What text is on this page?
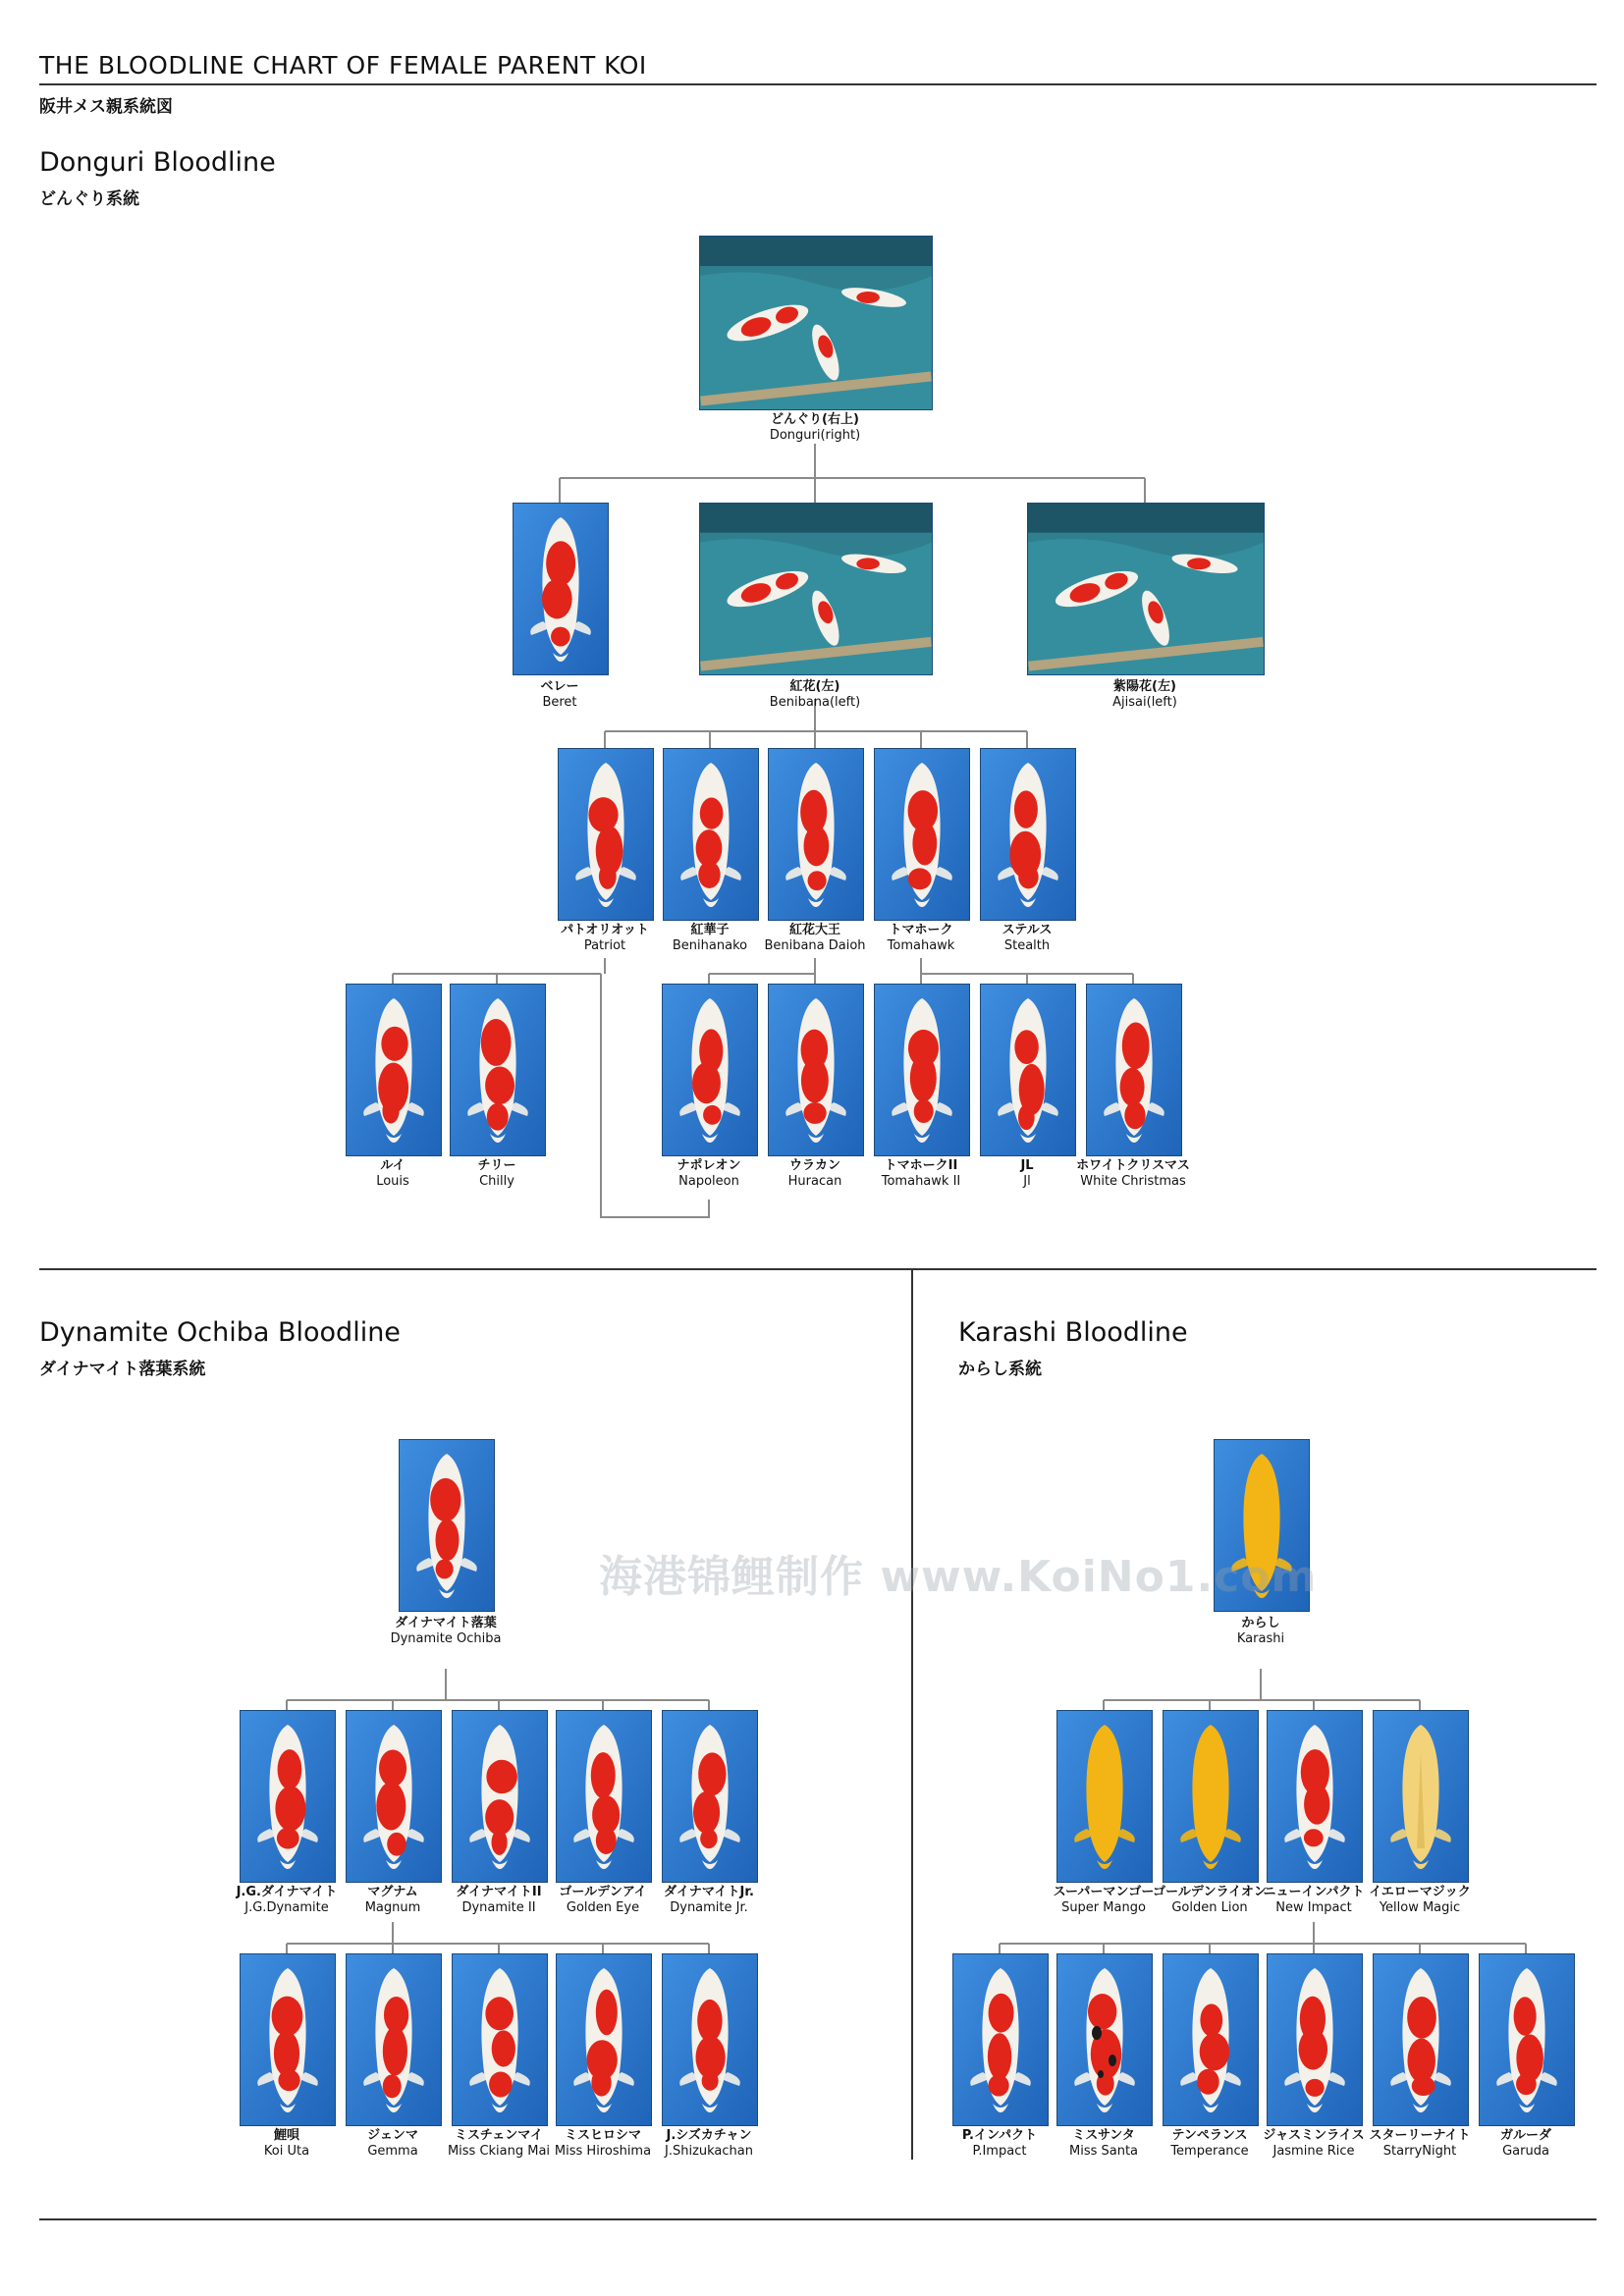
THE BLOODLINE CHART OF FEMALE PARENT KOI
阪井メス親系統図
Donguri Bloodline
どんぐり系統
Dynamite Ochiba Bloodline
ダイナマイト落葉系統
Karashi Bloodline
からし系統
どんぐり(右上)
Donguri(right)
ベレー
Beret
紅花(左)
Benibana(left)
紫陽花(左)
Ajisai(left)
パトオリオット
Patriot
紅華子
Benihanako
紅花大王
Benibana Daioh
トマホーク
Tomahawk
ステルス
Stealth
ルイ
Louis
チリー
Chilly
ナポレオン
Napoleon
ウラカン
Huracan
トマホークII
Tomahawk II
JL
Jl
ホワイトクリスマス
White Christmas
ダイナマイト落葉
Dynamite Ochiba
J.G.ダイナマイト
J.G.Dynamite
マグナム
Magnum
ダイナマイトII
Dynamite II
ゴールデンアイ
Golden Eye
ダイナマイトJr.
Dynamite Jr.
鯉唄
Koi Uta
ジェンマ
Gemma
ミスチェンマイ
Miss Ckiang Mai
ミスヒロシマ
Miss Hiroshima
J.シズカチャン
J.Shizukachan
からし
Karashi
スーパーマンゴー
Super Mango
ゴールデンライオン
Golden Lion
ニューインパクト
New Impact
イエローマジック
Yellow Magic
P.インパクト
P.Impact
ミスサンタ
Miss Santa
テンペランス
Temperance
ジャスミンライス
Jasmine Rice
スターリーナイト
StarryNight
ガルーダ
Garuda
海港锦鲤制作 www.KoiNo1.com
